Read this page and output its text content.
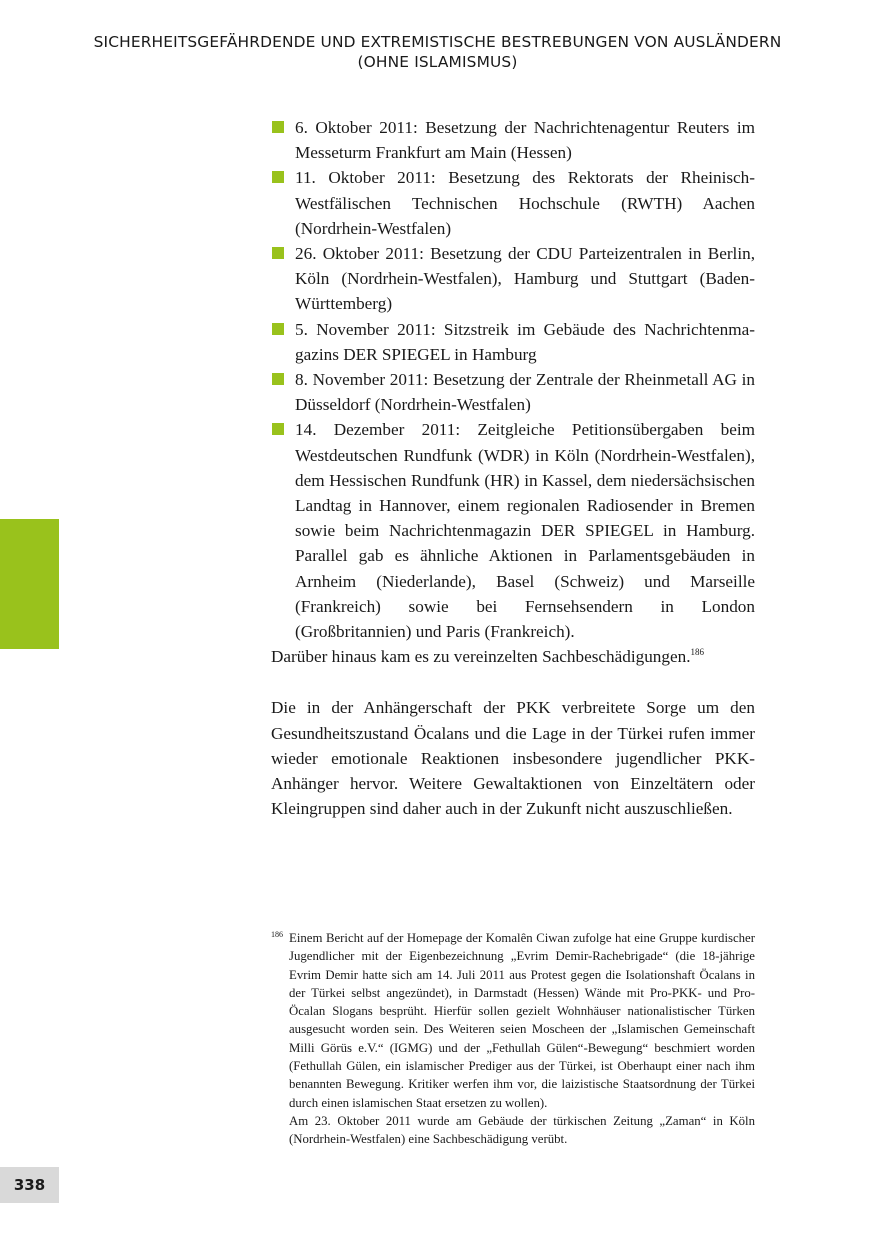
SICHERHEITSGEFÄHRDENDE UND EXTREMISTISCHE BESTREBUNGEN VON AUSLÄNDERN
(OHNE ISLAMISMUS)
6. Oktober 2011: Besetzung der Nachrichtenagentur Reuters im Messeturm Frankfurt am Main (Hessen)
11. Oktober 2011: Besetzung des Rektorats der Rheinisch-Westfälischen Technischen Hochschule (RWTH) Aachen (Nordrhein-Westfalen)
26. Oktober 2011: Besetzung der CDU Parteizentralen in Berlin, Köln (Nordrhein-Westfalen), Hamburg und Stuttgart (Baden-Württemberg)
5. November 2011: Sitzstreik im Gebäude des Nachrichtenmagazins DER SPIEGEL in Hamburg
8. November 2011: Besetzung der Zentrale der Rheinmetall AG in Düsseldorf (Nordrhein-Westfalen)
14. Dezember 2011: Zeitgleiche Petitionsübergaben beim Westdeutschen Rundfunk (WDR) in Köln (Nordrhein-Westfalen), dem Hessischen Rundfunk (HR) in Kassel, dem niedersächsischen Landtag in Hannover, einem regionalen Radiosender in Bremen sowie beim Nachrichtenmagazin DER SPIEGEL in Hamburg. Parallel gab es ähnliche Aktionen in Parlamentsgebäuden in Arnheim (Niederlande), Basel (Schweiz) und Marseille (Frankreich) sowie bei Fernsehsendern in London (Großbritannien) und Paris (Frankreich).

Darüber hinaus kam es zu vereinzelten Sachbeschädigungen.$^{186}$

Die in der Anhängerschaft der PKK verbreitete Sorge um den Gesundheitszustand Öcalans und die Lage in der Türkei rufen immer wieder emotionale Reaktionen insbesondere jugendlicher PKK-Anhänger hervor. Weitere Gewaltaktionen von Einzeltätern oder Kleingruppen sind daher auch in der Zukunft nicht auszuschließen.

186 Einem Bericht auf der Homepage der Komalên Ciwan zufolge hat eine Gruppe kurdischer Jugendlicher mit der Eigenbezeichnung „Evrim Demir-Rachebrigade“ (die 18-jährige Evrim Demir hatte sich am 14. Juli 2011 aus Protest gegen die Isolationshaft Öcalans in der Türkei selbst angezündet), in Darmstadt (Hessen) Wände mit Pro-PKK- und Pro-Öcalan Slogans besprüht. Hierfür sollen gezielt Wohnhäuser nationalistischer Türken ausgesucht worden sein. Des Weiteren seien Moscheen der „Islamischen Gemeinschaft Milli Görüs e.V.“ (IGMG) und der „Fethullah Gülen“-Bewegung“ beschmiert worden (Fethullah Gülen, ein islamischer Prediger aus der Türkei, ist Oberhaupt einer nach ihm benannten Bewegung. Kritiker werfen ihm vor, die laizistische Staatsordnung der Türkei durch einen islamischen Staat ersetzen zu wollen).
Am 23. Oktober 2011 wurde am Gebäude der türkischen Zeitung „Zaman“ in Köln (Nordrhein-Westfalen) eine Sachbeschädigung verübt.
338
